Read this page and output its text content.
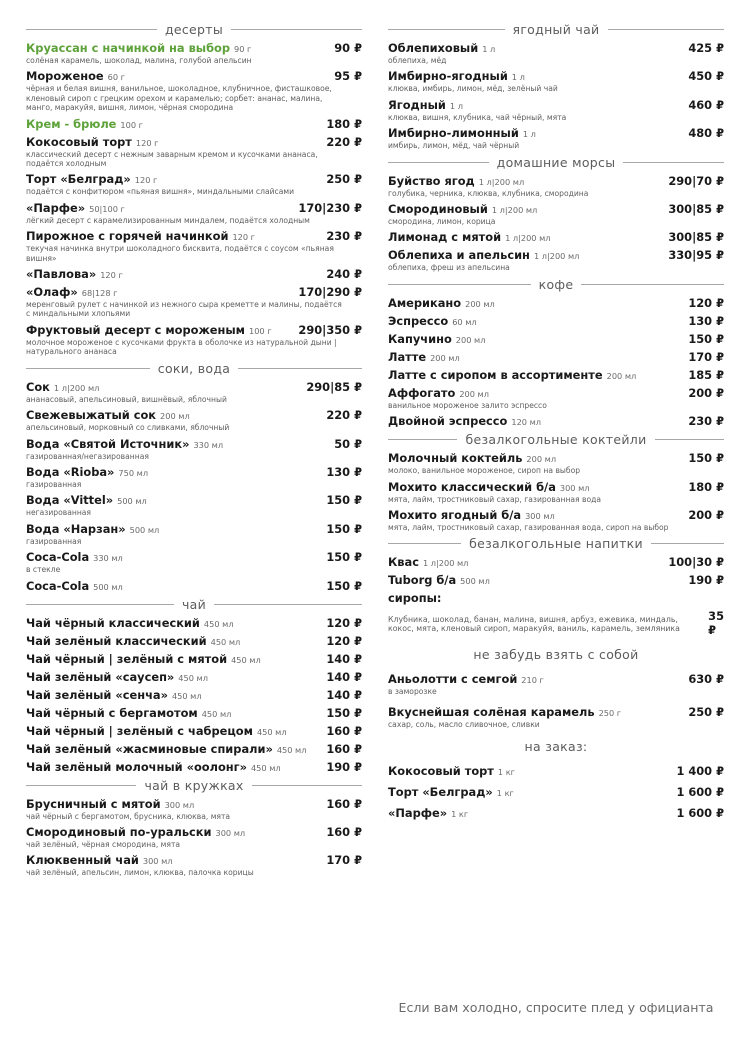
десерты
Круассан с начинкой на выбор 90 г	90 ₽
солёная карамель, шоколад, малина, голубой апельсин
Мороженое 60 г	95 ₽
чёрная и белая вишня, ванильное, шоколадное, клубничное, фисташковое, кленовый сироп с грецким орехом и карамелью; сорбет: ананас, малина, манго, маракуйя, вишня, лимон, чёрная смородина
Крем - брюле 100 г	180 ₽
Кокосовый торт 120 г	220 ₽
классический десерт с нежным заварным кремом и кусочками ананаса, подаётся холодным
Торт «Белград» 120 г	250 ₽
подаётся с конфитюром «пьяная вишня», миндальными слайсами
«Парфе» 50|100 г	170|230 ₽
лёгкий десерт с карамелизированным миндалем, подаётся холодным
Пирожное с горячей начинкой 120 г	230 ₽
текучая начинка внутри шоколадного бисквита, подаётся с соусом «пьяная вишня»
«Павлова» 120 г	240 ₽
«Олаф» 68|128 г	170|290 ₽
меренговый рулет с начинкой из нежного сыра креметте и малины, подаётся с миндальными хлопьями
Фруктовый десерт с мороженым 100 г 290|350 ₽
молочное мороженое с кусочками фрукта в оболочке из натуральной дыни | натурального ананаса
соки, вода
Сок 1 л|200 мл	290|85 ₽
ананасовый, апельсиновый, вишнёвый, яблочный
Свежевыжатый сок 200 мл	220 ₽
апельсиновый, морковный со сливками, яблочный
Вода «Святой Источник» 330 мл	50 ₽
газированная/негазированная
Вода «Rioba» 750 мл	130 ₽
газированная
Вода «Vittel» 500 мл	150 ₽
негазированная
Вода «Нарзан» 500 мл	150 ₽
газированная
Coca-Cola 330 мл	150 ₽
в стекле
Coca-Cola 500 мл	150 ₽
чай
Чай чёрный классический 450 мл	120 ₽
Чай зелёный классический 450 мл	120 ₽
Чай чёрный | зелёный с мятой 450 мл	140 ₽
Чай зелёный «саусеп» 450 мл	140 ₽
Чай зелёный «сенча» 450 мл	140 ₽
Чай чёрный с бергамотом 450 мл	150 ₽
Чай чёрный | зелёный с чабрецом 450 мл	160 ₽
Чай зелёный «жасминовые спирали» 450 мл 160 ₽
Чай зелёный молочный «оолонг» 450 мл	190 ₽
чай в кружках
Брусничный с мятой 300 мл	160 ₽
чай чёрный с бергамотом, брусника, клюква, мята
Смородиновый по-уральски 300 мл	160 ₽
чай зелёный, чёрная смородина, мята
Клюквенный чай 300 мл	170 ₽
чай зелёный, апельсин, лимон, клюква, палочка корицы
ягодный чай
Облепиховый 1 л	425 ₽
облепиха, мёд
Имбирно-ягодный 1 л	450 ₽
клюква, имбирь, лимон, мёд, зелёный чай
Ягодный 1 л	460 ₽
клюква, вишня, клубника, чай чёрный, мята
Имбирно-лимонный 1 л	480 ₽
имбирь, лимон, мёд, чай чёрный
домашние морсы
Буйство ягод 1 л|200 мл	290|70 ₽
голубика, черника, клюква, клубника, смородина
Смородиновый 1 л|200 мл	300|85 ₽
смородина, лимон, корица
Лимонад с мятой 1 л|200 мл	300|85 ₽
Облепиха и апельсин 1 л|200 мл	330|95 ₽
облепиха, фреш из апельсина
кофе
Американо 200 мл	120 ₽
Эспрессо 60 мл	130 ₽
Капучино 200 мл	150 ₽
Латте 200 мл	170 ₽
Латте с сиропом в ассортименте 200 мл	185 ₽
Аффогато 200 мл	200 ₽
ванильное мороженое залито эспрессо
Двойной эспрессо 120 мл	230 ₽
безалкогольные коктейли
Молочный коктейль 200 мл	150 ₽
молоко, ванильное мороженое, сироп на выбор
Мохито классический б/а 300 мл	180 ₽
мята, лайм, тростниковый сахар, газированная вода
Мохито ягодный б/а 300 мл	200 ₽
мята, лайм, тростниковый сахар, газированная вода, сироп на выбор
безалкогольные напитки
Квас 1 л|200 мл	100|30 ₽
Tuborg б/а 500 мл	190 ₽
сиропы:
Клубника, шоколад, банан, малина, вишня, арбуз, ежевика, миндаль, кокос, мята, кленовый сироп, маракуйя, ваниль, карамель, земляника
35 ₽
не забудь взять с собой
Аньолотти с семгой 210 г	630 ₽
в заморозке
Вкуснейшая солёная карамель 250 г	250 ₽
сахар, соль, масло сливочное, сливки
на заказ:
Кокосовый торт 1 кг	1 400 ₽
Торт «Белград» 1 кг	1 600 ₽
«Парфе» 1 кг	1 600 ₽
Если вам холодно, спросите плед у официанта
